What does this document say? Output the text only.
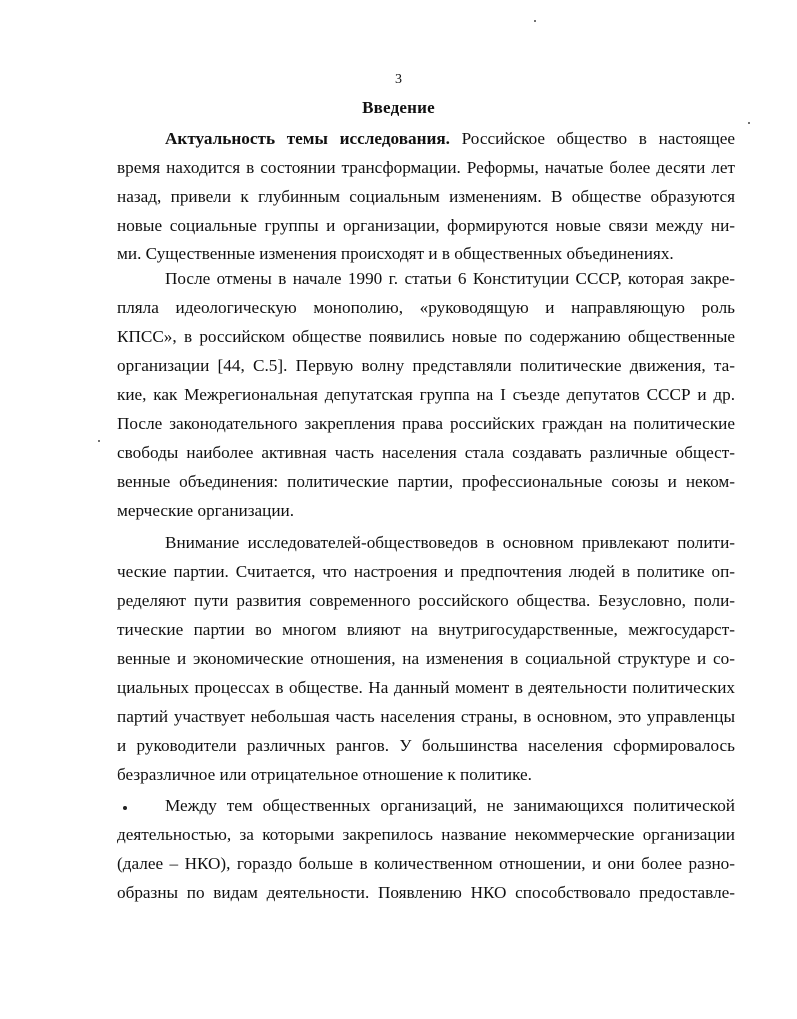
3
Введение
Актуальность темы исследования. Российское общество в настоящее
время находится в состоянии трансформации. Реформы, начатые более десяти лет
назад, привели к глубинным социальным изменениям. В обществе образуются
новые социальные группы и организации, формируются новые связи между ни-
ми. Существенные изменения происходят и в общественных объединениях.
После отмены в начале 1990 г. статьи 6 Конституции СССР, которая закре-
пляла идеологическую монополию, «руководящую и направляющую роль
КПСС», в российском обществе появились новые по содержанию общественные
организации [44, С.5]. Первую волну представляли политические движения, та-
кие, как Межрегиональная депутатская группа на I съезде депутатов СССР и др.
После законодательного закрепления права российских граждан на политические
свободы наиболее активная часть населения стала создавать различные общест-
венные объединения: политические партии, профессиональные союзы и неком-
мерческие организации.
Внимание исследователей-обществоведов в основном привлекают полити-
ческие партии. Считается, что настроения и предпочтения людей в политике оп-
ределяют пути развития современного российского общества. Безусловно, поли-
тические партии во многом влияют на внутригосударственные, межгосударст-
венные и экономические отношения, на изменения в социальной структуре и со-
циальных процессах в обществе. На данный момент в деятельности политических
партий участвует небольшая часть населения страны, в основном, это управленцы
и руководители различных рангов. У большинства населения сформировалось
безразличное или отрицательное отношение к политике.
Между тем общественных организаций, не занимающихся политической
деятельностью, за которыми закрепилось название некоммерческие организации
(далее – НКО), гораздо больше в количественном отношении, и они более разно-
образны по видам деятельности. Появлению НКО способствовало предоставле-
